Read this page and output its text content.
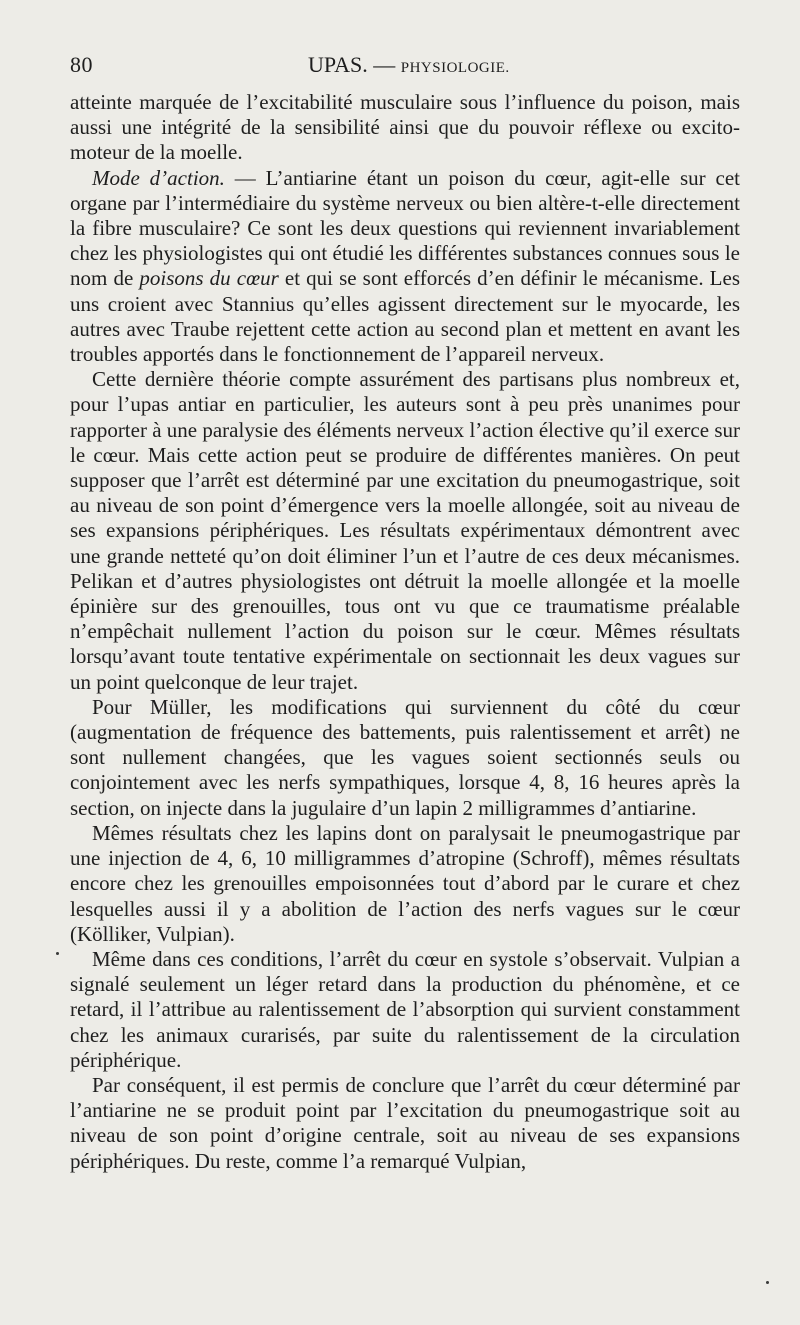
80	UPAS. — PHYSIOLOGIE.

atteinte marquée de l’excitabilité musculaire sous l’influence du poison, mais aussi une intégrité de la sensibilité ainsi que du pouvoir réflexe ou excito-moteur de la moelle.

Mode d’action. — L’antiarine étant un poison du cœur, agit-elle sur cet organe par l’intermédiaire du système nerveux ou bien altère-t-elle directement la fibre musculaire? Ce sont les deux questions qui reviennent invariablement chez les physiologistes qui ont étudié les différentes substances connues sous le nom de poisons du cœur et qui se sont efforcés d’en définir le mécanisme. Les uns croient avec Stannius qu’elles agissent directement sur le myocarde, les autres avec Traube rejettent cette action au second plan et mettent en avant les troubles apportés dans le fonctionnement de l’appareil nerveux.

Cette dernière théorie compte assurément des partisans plus nombreux et, pour l’upas antiar en particulier, les auteurs sont à peu près unanimes pour rapporter à une paralysie des éléments nerveux l’action élective qu’il exerce sur le cœur. Mais cette action peut se produire de différentes manières. On peut supposer que l’arrêt est déterminé par une excitation du pneumogastrique, soit au niveau de son point d’émergence vers la moelle allongée, soit au niveau de ses expansions périphériques. Les résultats expérimentaux démontrent avec une grande netteté qu’on doit éliminer l’un et l’autre de ces deux mécanismes. Pelikan et d’autres physiologistes ont détruit la moelle allongée et la moelle épinière sur des grenouilles, tous ont vu que ce traumatisme préalable n’empêchait nullement l’action du poison sur le cœur. Mêmes résultats lorsqu’avant toute tentative expérimentale on sectionnait les deux vagues sur un point quelconque de leur trajet.

Pour Müller, les modifications qui surviennent du côté du cœur (augmentation de fréquence des battements, puis ralentissement et arrêt) ne sont nullement changées, que les vagues soient sectionnés seuls ou conjointement avec les nerfs sympathiques, lorsque 4, 8, 16 heures après la section, on injecte dans la jugulaire d’un lapin 2 milligrammes d’antiarine.

Mêmes résultats chez les lapins dont on paralysait le pneumogastrique par une injection de 4, 6, 10 milligrammes d’atropine (Schroff), mêmes résultats encore chez les grenouilles empoisonnées tout d’abord par le curare et chez lesquelles aussi il y a abolition de l’action des nerfs vagues sur le cœur (Kölliker, Vulpian).

Même dans ces conditions, l’arrêt du cœur en systole s’observait. Vulpian a signalé seulement un léger retard dans la production du phénomène, et ce retard, il l’attribue au ralentissement de l’absorption qui survient constamment chez les animaux curarisés, par suite du ralentissement de la circulation périphérique.

Par conséquent, il est permis de conclure que l’arrêt du cœur déterminé par l’antiarine ne se produit point par l’excitation du pneumogastrique soit au niveau de son point d’origine centrale, soit au niveau de ses expansions périphériques. Du reste, comme l’a remarqué Vulpian,
